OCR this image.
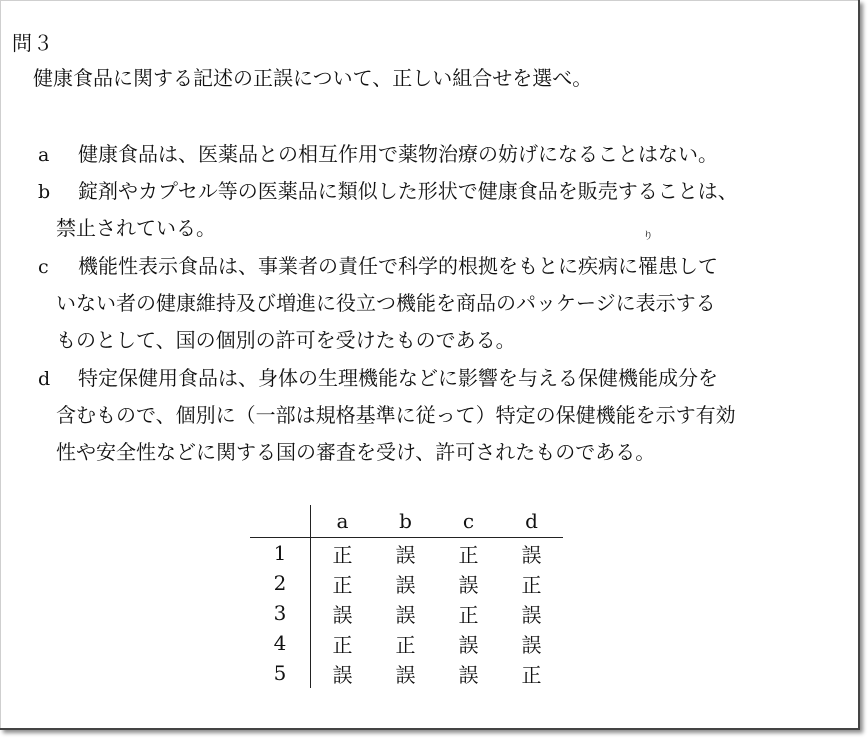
問３
健康食品に関する記述の正誤について、正しい組合せを選べ。
a 健康食品は、医薬品との相互作用で薬物治療の妨げになることはない。
b 錠剤やカプセル等の医薬品に類似した形状で健康食品を販売することは、
禁止されている。
c 機能性表示食品は、事業者の責任で科学的根拠をもとに疾病に
り
罹患して
いない者の健康維持及び増進に役立つ機能を商品のパッケージに表示する
ものとして、国の個別の許可を受けたものである。
d 特定保健用食品は、身体の生理機能などに影響を与える保健機能成分を
含むもので、個別に（一部は規格基準に従って）特定の保健機能を示す有効
性や安全性などに関する国の審査を受け、許可されたものである。
	a	b	c	d
1	正	誤	正	誤
2	正	誤	誤	正
3	誤	誤	正	誤
4	正	正	誤	誤
5	誤	誤	誤	正
